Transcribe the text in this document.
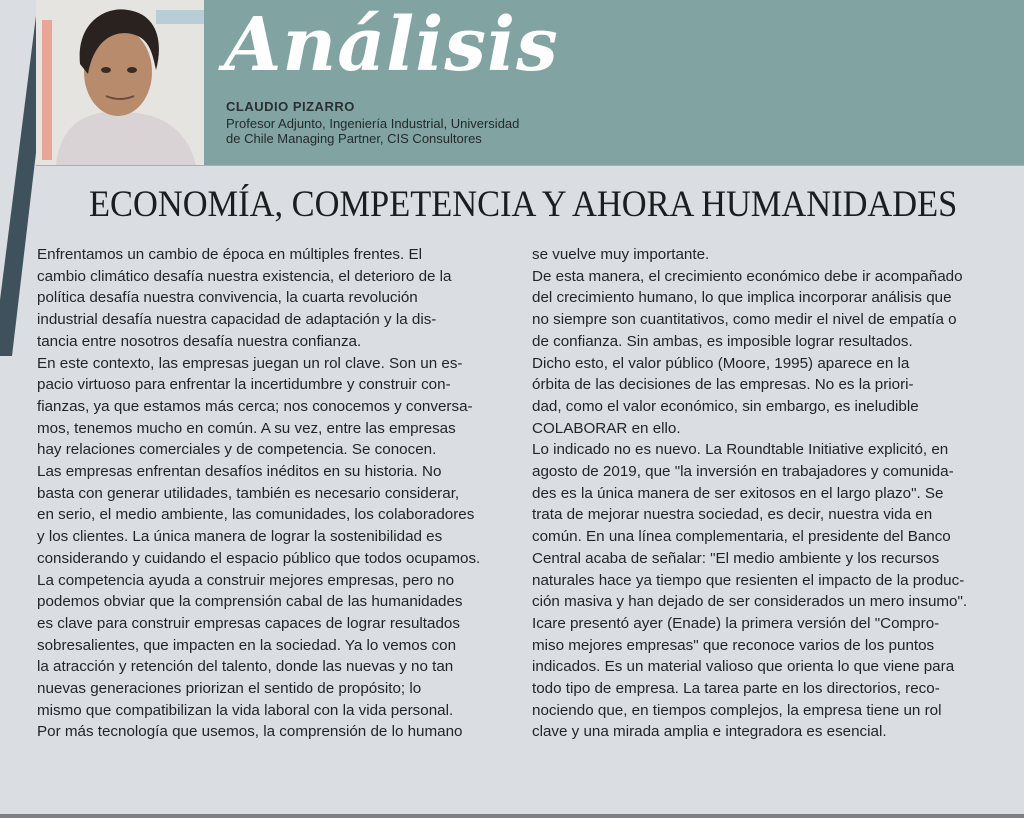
Análisis
CLAUDIO PIZARRO
Profesor Adjunto, Ingeniería Industrial, Universidad
de Chile Managing Partner, CIS Consultores
ECONOMÍA, COMPETENCIA Y AHORA HUMANIDADES

Enfrentamos un cambio de época en múltiples frentes. El

cambio climático desafía nuestra existencia, el deterioro de la

política desafía nuestra convivencia, la cuarta revolución

industrial desafía nuestra capacidad de adaptación y la dis-

tancia entre nosotros desafía nuestra confianza.

En este contexto, las empresas juegan un rol clave. Son un es-

pacio virtuoso para enfrentar la incertidumbre y construir con-

fianzas, ya que estamos más cerca; nos conocemos y conversa-

mos, tenemos mucho en común. A su vez, entre las empresas

hay relaciones comerciales y de competencia. Se conocen.

Las empresas enfrentan desafíos inéditos en su historia. No

basta con generar utilidades, también es necesario considerar,

en serio, el medio ambiente, las comunidades, los colaboradores

y los clientes. La única manera de lograr la sostenibilidad es

considerando y cuidando el espacio público que todos ocupamos.

La competencia ayuda a construir mejores empresas, pero no

podemos obviar que la comprensión cabal de las humanidades

es clave para construir empresas capaces de lograr resultados

sobresalientes, que impacten en la sociedad. Ya lo vemos con

la atracción y retención del talento, donde las nuevas y no tan

nuevas generaciones priorizan el sentido de propósito; lo

mismo que compatibilizan la vida laboral con la vida personal.

Por más tecnología que usemos, la comprensión de lo humano

se vuelve muy importante.

De esta manera, el crecimiento económico debe ir acompañado

del crecimiento humano, lo que implica incorporar análisis que

no siempre son cuantitativos, como medir el nivel de empatía o

de confianza. Sin ambas, es imposible lograr resultados.

Dicho esto, el valor público (Moore, 1995) aparece en la

órbita de las decisiones de las empresas. No es la priori-

dad, como el valor económico, sin embargo, es ineludible

COLABORAR en ello.

Lo indicado no es nuevo. La Roundtable Initiative explicitó, en

agosto de 2019, que "la inversión en trabajadores y comunida-

des es la única manera de ser exitosos en el largo plazo". Se

trata de mejorar nuestra sociedad, es decir, nuestra vida en

común. En una línea complementaria, el presidente del Banco

Central acaba de señalar: "El medio ambiente y los recursos

naturales hace ya tiempo que resienten el impacto de la produc-

ción masiva y han dejado de ser considerados un mero insumo".

Icare presentó ayer (Enade) la primera versión del "Compro-

miso mejores empresas" que reconoce varios de los puntos

indicados. Es un material valioso que orienta lo que viene para

todo tipo de empresa. La tarea parte en los directorios, reco-

nociendo que, en tiempos complejos, la empresa tiene un rol

clave y una mirada amplia e integradora es esencial.
